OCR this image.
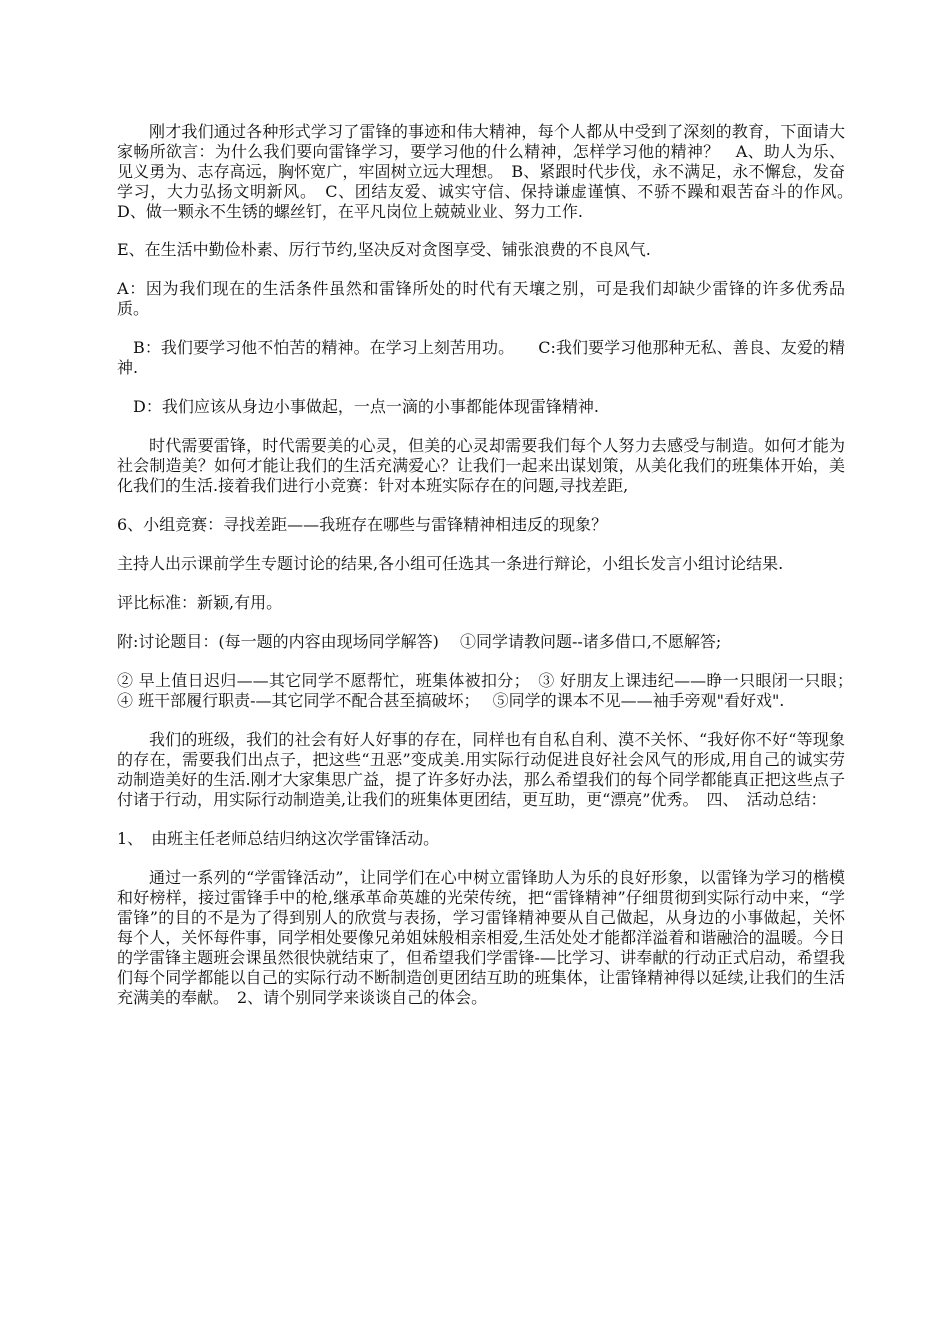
刚才我们通过各种形式学习了雷锋的事迹和伟大精神，每个人都从中受到了深刻的教育，下面请大家畅所欲言：为什么我们要向雷锋学习，要学习他的什么精神，怎样学习他的精神？　A、助人为乐、见义勇为、志存高远，胸怀宽广，牢固树立远大理想。　B、紧跟时代步伐，永不满足，永不懈怠，发奋学习，大力弘扬文明新风。　C、团结友爱、诚实守信、保持谦虚谨慎、不骄不躁和艰苦奋斗的作风。　D、做一颗永不生锈的螺丝钉，在平凡岗位上兢兢业业、努力工作.

E、在生活中勤俭朴素、厉行节约,坚决反对贪图享受、铺张浪费的不良风气.

A：因为我们现在的生活条件虽然和雷锋所处的时代有天壤之别，可是我们却缺少雷锋的许多优秀品质。

B：我们要学习他不怕苦的精神。在学习上刻苦用功。　　C:我们要学习他那种无私、善良、友爱的精神.

D：我们应该从身边小事做起，一点一滴的小事都能体现雷锋精神.

时代需要雷锋，时代需要美的心灵，但美的心灵却需要我们每个人努力去感受与制造。如何才能为社会制造美？如何才能让我们的生活充满爱心？让我们一起来出谋划策，从美化我们的班集体开始，美化我们的生活.接着我们进行小竞赛：针对本班实际存在的问题,寻找差距,

6、小组竞赛：寻找差距——我班存在哪些与雷锋精神相违反的现象？

主持人出示课前学生专题讨论的结果,各小组可任选其一条进行辩论，小组长发言小组讨论结果.

评比标准：新颖,有用。

附:讨论题目：(每一题的内容由现场同学解答)　 ①同学请教问题--诸多借口,不愿解答;

② 早上值日迟归——其它同学不愿帮忙，班集体被扣分；　③ 好朋友上课违纪——睁一只眼闭一只眼；　④ 班干部履行职责-—其它同学不配合甚至搞破坏；　 ⑤同学的课本不见——袖手旁观"看好戏".

我们的班级，我们的社会有好人好事的存在，同样也有自私自利、漠不关怀、“我好你不好“等现象的存在，需要我们出点子，把这些“丑恶”变成美.用实际行动促进良好社会风气的形成,用自己的诚实劳动制造美好的生活.刚才大家集思广益，提了许多好办法，那么希望我们的每个同学都能真正把这些点子付诸于行动，用实际行动制造美,让我们的班集体更团结，更互助，更“漂亮”优秀。　四、　活动总结：

1、　由班主任老师总结归纳这次学雷锋活动。

通过一系列的“学雷锋活动”，让同学们在心中树立雷锋助人为乐的良好形象，以雷锋为学习的楷模和好榜样，接过雷锋手中的枪,继承革命英雄的光荣传统，把“雷锋精神”仔细贯彻到实际行动中来，“学雷锋”的目的不是为了得到别人的欣赏与表扬，学习雷锋精神要从自己做起，从身边的小事做起，关怀每个人，关怀每件事，同学相处要像兄弟姐妹般相亲相爱,生活处处才能都洋溢着和谐融洽的温暖。今日的学雷锋主题班会课虽然很快就结束了，但希望我们学雷锋-—比学习、讲奉献的行动正式启动，希望我们每个同学都能以自己的实际行动不断制造创更团结互助的班集体，让雷锋精神得以延续,让我们的生活充满美的奉献。　2、请个别同学来谈谈自己的体会。
